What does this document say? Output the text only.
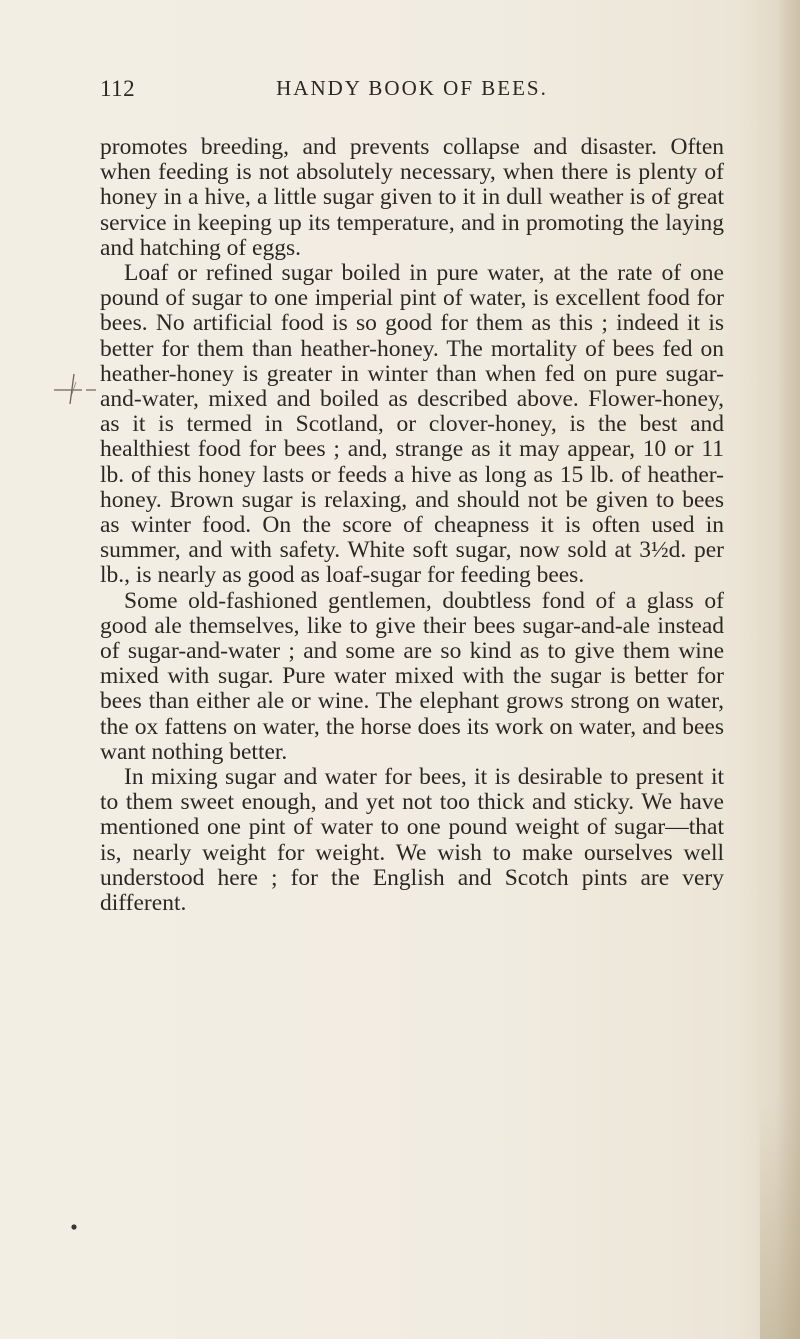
112	HANDY BOOK OF BEES.

promotes breeding, and prevents collapse and disaster. Often when feeding is not absolutely necessary, when there is plenty of honey in a hive, a little sugar given to it in dull weather is of great service in keeping up its temperature, and in promoting the laying and hatching of eggs.

Loaf or refined sugar boiled in pure water, at the rate of one pound of sugar to one imperial pint of water, is excellent food for bees. No artificial food is so good for them as this ; indeed it is better for them than heather-honey. The mortality of bees fed on heather-honey is greater in winter than when fed on pure sugar-and-water, mixed and boiled as described above. Flower-honey, as it is termed in Scotland, or clover-honey, is the best and healthiest food for bees ; and, strange as it may appear, 10 or 11 lb. of this honey lasts or feeds a hive as long as 15 lb. of heather-honey. Brown sugar is relaxing, and should not be given to bees as winter food. On the score of cheapness it is often used in summer, and with safety. White soft sugar, now sold at 3½d. per lb., is nearly as good as loaf-sugar for feeding bees.

Some old-fashioned gentlemen, doubtless fond of a glass of good ale themselves, like to give their bees sugar-and-ale instead of sugar-and-water ; and some are so kind as to give them wine mixed with sugar. Pure water mixed with the sugar is better for bees than either ale or wine. The elephant grows strong on water, the ox fattens on water, the horse does its work on water, and bees want nothing better.

In mixing sugar and water for bees, it is desirable to present it to them sweet enough, and yet not too thick and sticky. We have mentioned one pint of water to one pound weight of sugar—that is, nearly weight for weight. We wish to make ourselves well understood here ; for the English and Scotch pints are very different.
